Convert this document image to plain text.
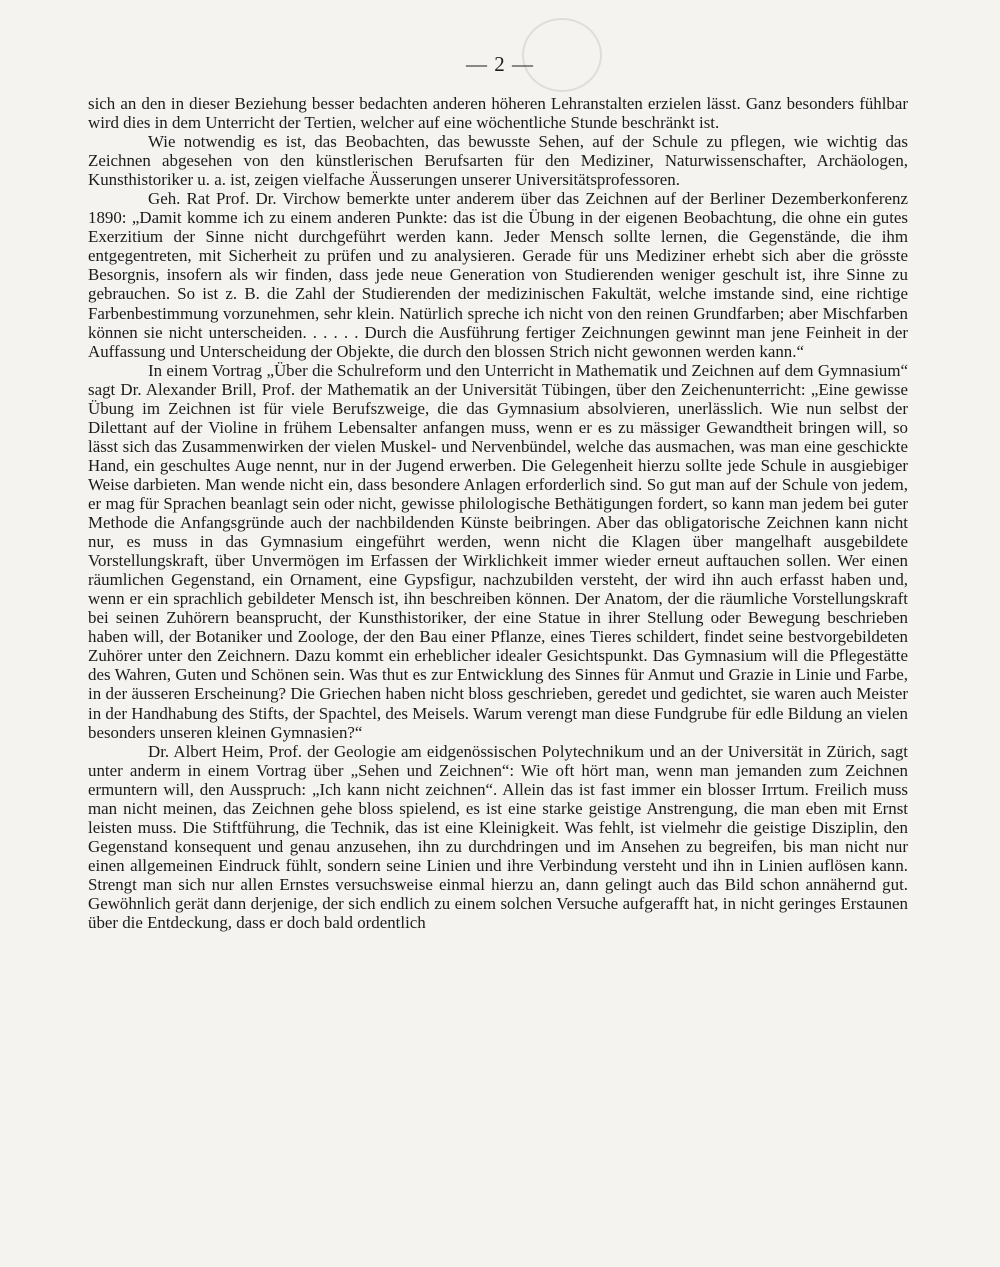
— 2 —

sich an den in dieser Beziehung besser bedachten anderen höheren Lehranstalten erzielen lässt. Ganz besonders fühlbar wird dies in dem Unterricht der Tertien, welcher auf eine wöchentliche Stunde beschränkt ist.

Wie notwendig es ist, das Beobachten, das bewusste Sehen, auf der Schule zu pflegen, wie wichtig das Zeichnen abgesehen von den künstlerischen Berufsarten für den Mediziner, Naturwissenschafter, Archäologen, Kunsthistoriker u. a. ist, zeigen vielfache Äusserungen unserer Universitätsprofessoren.

Geh. Rat Prof. Dr. Virchow bemerkte unter anderem über das Zeichnen auf der Berliner Dezemberkonferenz 1890: „Damit komme ich zu einem anderen Punkte: das ist die Übung in der eigenen Beobachtung, die ohne ein gutes Exerzitium der Sinne nicht durchgeführt werden kann. Jeder Mensch sollte lernen, die Gegenstände, die ihm entgegentreten, mit Sicherheit zu prüfen und zu analysieren. Gerade für uns Mediziner erhebt sich aber die grösste Besorgnis, insofern als wir finden, dass jede neue Generation von Studierenden weniger geschult ist, ihre Sinne zu gebrauchen. So ist z. B. die Zahl der Studierenden der medizinischen Fakultät, welche imstande sind, eine richtige Farbenbestimmung vorzunehmen, sehr klein. Natürlich spreche ich nicht von den reinen Grundfarben; aber Mischfarben können sie nicht unterscheiden. . . . . . Durch die Ausführung fertiger Zeichnungen gewinnt man jene Feinheit in der Auffassung und Unterscheidung der Objekte, die durch den blossen Strich nicht gewonnen werden kann.“

In einem Vortrag „Über die Schulreform und den Unterricht in Mathematik und Zeichnen auf dem Gymnasium“ sagt Dr. Alexander Brill, Prof. der Mathematik an der Universität Tübingen, über den Zeichenunterricht: „Eine gewisse Übung im Zeichnen ist für viele Berufszweige, die das Gymnasium absolvieren, unerlässlich. Wie nun selbst der Dilettant auf der Violine in frühem Lebensalter anfangen muss, wenn er es zu mässiger Gewandtheit bringen will, so lässt sich das Zusammenwirken der vielen Muskel- und Nervenbündel, welche das ausmachen, was man eine geschickte Hand, ein geschultes Auge nennt, nur in der Jugend erwerben. Die Gelegenheit hierzu sollte jede Schule in ausgiebiger Weise darbieten. Man wende nicht ein, dass besondere Anlagen erforderlich sind. So gut man auf der Schule von jedem, er mag für Sprachen beanlagt sein oder nicht, gewisse philologische Bethätigungen fordert, so kann man jedem bei guter Methode die Anfangsgründe auch der nachbildenden Künste beibringen. Aber das obligatorische Zeichnen kann nicht nur, es muss in das Gymnasium eingeführt werden, wenn nicht die Klagen über mangelhaft ausgebildete Vorstellungskraft, über Unvermögen im Erfassen der Wirklichkeit immer wieder erneut auftauchen sollen. Wer einen räumlichen Gegenstand, ein Ornament, eine Gypsfigur, nachzubilden versteht, der wird ihn auch erfasst haben und, wenn er ein sprachlich gebildeter Mensch ist, ihn beschreiben können. Der Anatom, der die räumliche Vorstellungskraft bei seinen Zuhörern beansprucht, der Kunsthistoriker, der eine Statue in ihrer Stellung oder Bewegung beschrieben haben will, der Botaniker und Zoologe, der den Bau einer Pflanze, eines Tieres schildert, findet seine bestvorgebildeten Zuhörer unter den Zeichnern. Dazu kommt ein erheblicher idealer Gesichtspunkt. Das Gymnasium will die Pflegestätte des Wahren, Guten und Schönen sein. Was thut es zur Entwicklung des Sinnes für Anmut und Grazie in Linie und Farbe, in der äusseren Erscheinung? Die Griechen haben nicht bloss geschrieben, geredet und gedichtet, sie waren auch Meister in der Handhabung des Stifts, der Spachtel, des Meisels. Warum verengt man diese Fundgrube für edle Bildung an vielen besonders unseren kleinen Gymnasien?“

Dr. Albert Heim, Prof. der Geologie am eidgenössischen Polytechnikum und an der Universität in Zürich, sagt unter anderm in einem Vortrag über „Sehen und Zeichnen“: Wie oft hört man, wenn man jemanden zum Zeichnen ermuntern will, den Ausspruch: „Ich kann nicht zeichnen“. Allein das ist fast immer ein blosser Irrtum. Freilich muss man nicht meinen, das Zeichnen gehe bloss spielend, es ist eine starke geistige Anstrengung, die man eben mit Ernst leisten muss. Die Stiftführung, die Technik, das ist eine Kleinigkeit. Was fehlt, ist vielmehr die geistige Disziplin, den Gegenstand konsequent und genau anzusehen, ihn zu durchdringen und im Ansehen zu begreifen, bis man nicht nur einen allgemeinen Eindruck fühlt, sondern seine Linien und ihre Verbindung versteht und ihn in Linien auflösen kann. Strengt man sich nur allen Ernstes versuchsweise einmal hierzu an, dann gelingt auch das Bild schon annähernd gut. Gewöhnlich gerät dann derjenige, der sich endlich zu einem solchen Versuche aufgerafft hat, in nicht geringes Erstaunen über die Entdeckung, dass er doch bald ordentlich
